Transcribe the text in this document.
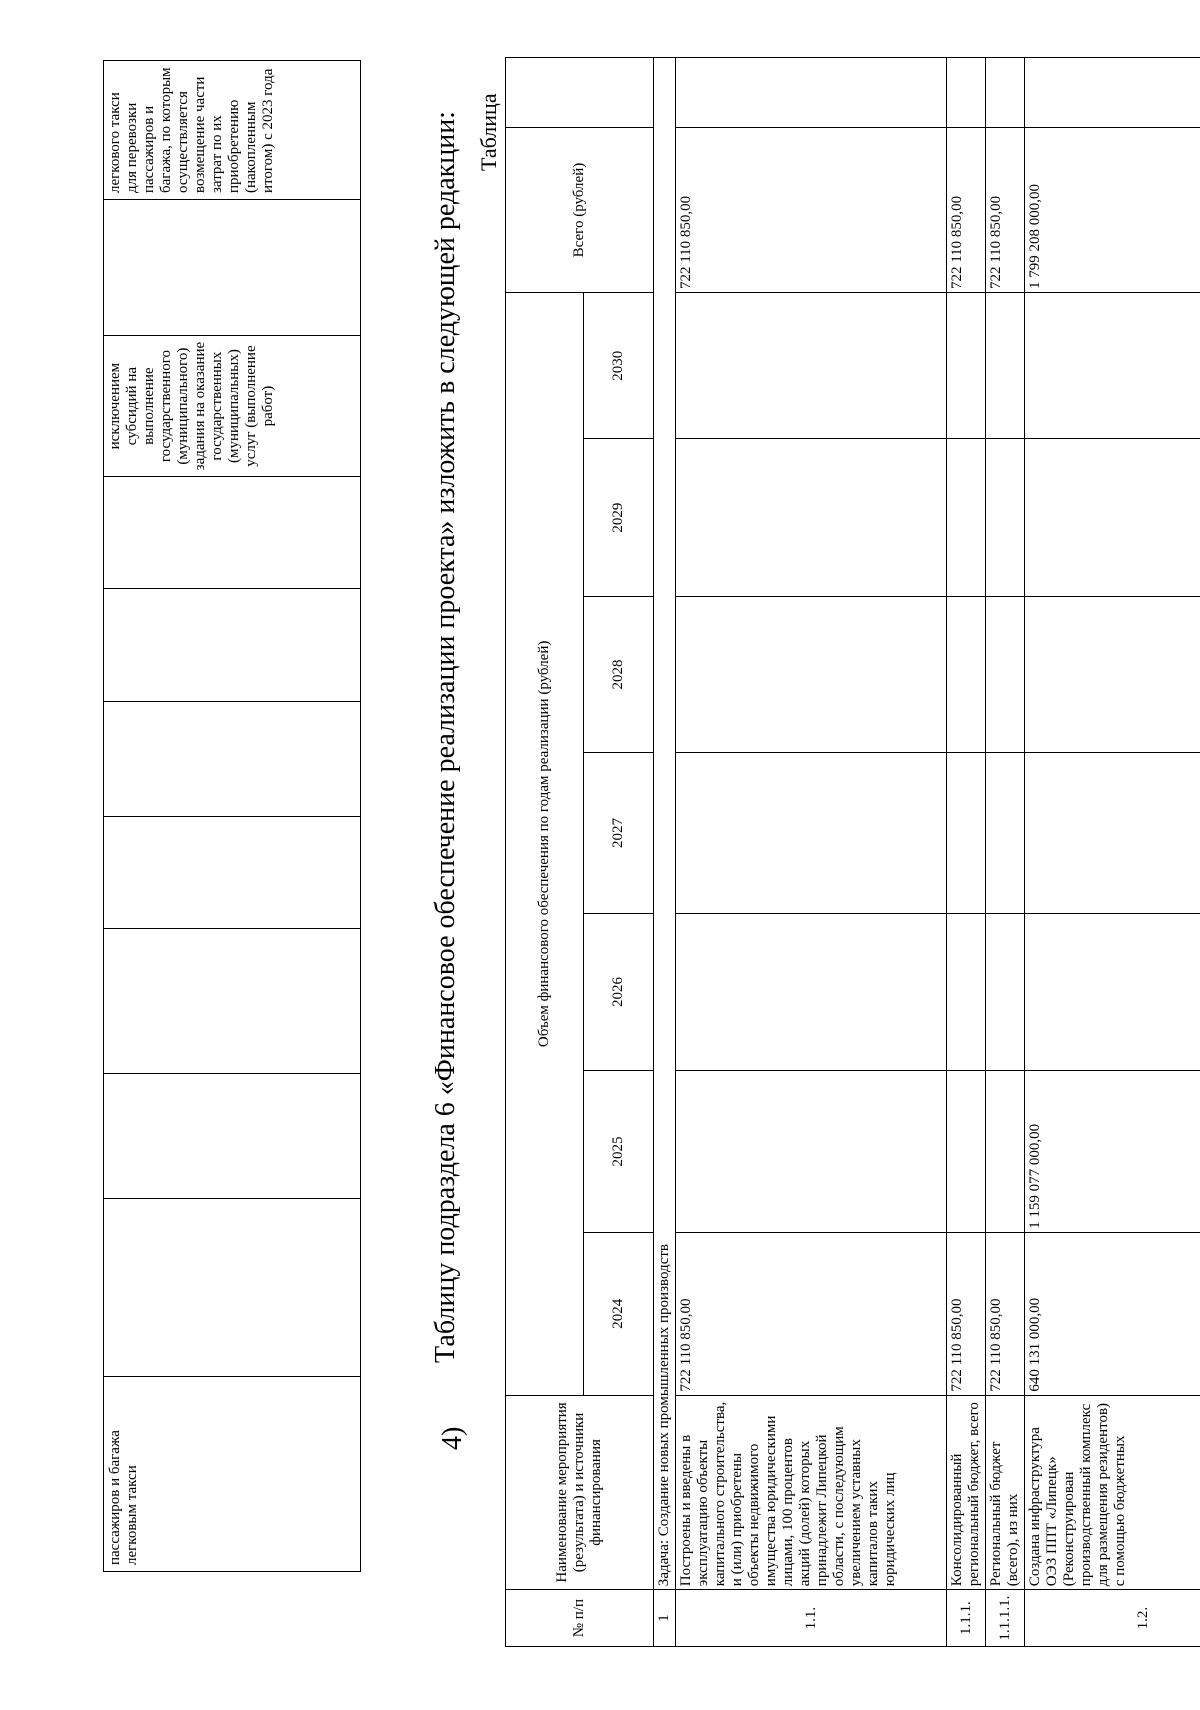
пассажиров и багажа легковым такси								исключением субсидий на выполнение государственного (муниципального) задания на оказание государственных (муниципальных) услуг (выполнение работ)		легкового такси для перевозки пассажиров и багажа, по которым осуществляется возмещение части затрат по их приобретению (накопленным итогом) с 2023 года
4)
Таблицу подраздела 6 «Финансовое обеспечение реализации проекта» изложить в следующей редакции: Таблица
№ п/п	Наименование мероприятия (результата) и источники финансирования	Объем финансового обеспечения по годам реализации (рублей)							Всего (рублей)	
		2024	2025	2026	2027	2028	2029	2030		
1	Задача: Создание новых промышленных производств									
1.1.	Построены и введены в эксплуатацию объекты капитального строительства, и (или) приобретены объекты недвижимого имущества юридическими лицами, 100 процентов акций (долей) которых принадлежит Липецкой области, с последующим увеличением уставных капиталов таких юридических лиц	722 110 850,00							722 110 850,00	
1.1.1.	Консолидированный региональный бюджет, всего	722 110 850,00							722 110 850,00	
1.1.1.1.	Региональный бюджет (всего), из них	722 110 850,00							722 110 850,00	
1.2.	Создана инфраструктура ОЭЗ ППТ «Липецк» (Реконструирован производственный комплекс для размещения резидентов) с помощью бюджетных	640 131 000,00	1 159 077 000,00						1 799 208 000,00	
